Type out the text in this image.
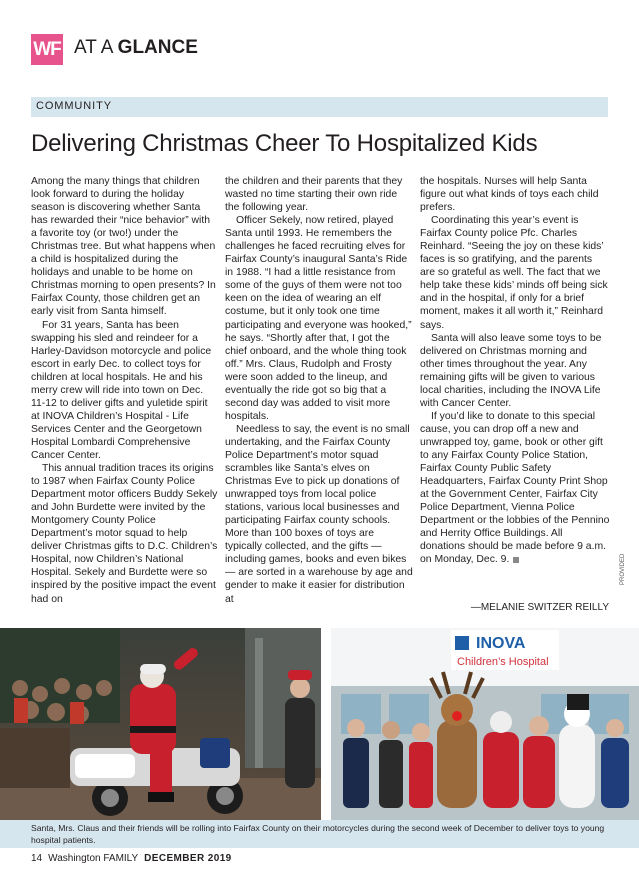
WF AT A GLANCE
COMMUNITY
Delivering Christmas Cheer To Hospitalized Kids

Among the many things that children look forward to during the holiday season is discovering whether Santa has rewarded their “nice behavior” with a favorite toy (or two!) under the Christmas tree. But what happens when a child is hospitalized during the holidays and unable to be home on Christmas morning to open presents? In Fairfax County, those children get an early visit from Santa himself.

For 31 years, Santa has been swapping his sled and reindeer for a Harley-Davidson motorcycle and police escort in early Dec. to collect toys for children at local hospitals. He and his merry crew will ride into town on Dec. 11-12 to deliver gifts and yuletide spirit at INOVA Children’s Hospital - Life Services Center and the Georgetown Hospital Lombardi Comprehensive Cancer Center.

This annual tradition traces its origins to 1987 when Fairfax County Police Department motor officers Buddy Sekely and John Burdette were invited by the Montgomery County Police Department’s motor squad to help deliver Christmas gifts to D.C. Children’s Hospital, now Children’s National Hospital. Sekely and Burdette were so inspired by the positive impact the event had on

the children and their parents that they wasted no time starting their own ride the following year.

Officer Sekely, now retired, played Santa until 1993. He remembers the challenges he faced recruiting elves for Fairfax County’s inaugural Santa’s Ride in 1988. “I had a little resistance from some of the guys of them were not too keen on the idea of wearing an elf costume, but it only took one time participating and everyone was hooked,” he says. “Shortly after that, I got the chief onboard, and the whole thing took off.” Mrs. Claus, Rudolph and Frosty were soon added to the lineup, and eventually the ride got so big that a second day was added to visit more hospitals.

Needless to say, the event is no small undertaking, and the Fairfax County Police Department’s motor squad scrambles like Santa’s elves on Christmas Eve to pick up donations of unwrapped toys from local police stations, various local businesses and participating Fairfax county schools. More than 100 boxes of toys are typically collected, and the gifts — including games, books and even bikes — are sorted in a warehouse by age and gender to make it easier for distribution at

the hospitals. Nurses will help Santa figure out what kinds of toys each child prefers.

Coordinating this year’s event is Fairfax County police Pfc. Charles Reinhard. “Seeing the joy on these kids’ faces is so gratifying, and the parents are so grateful as well. The fact that we help take these kids’ minds off being sick and in the hospital, if only for a brief moment, makes it all worth it,” Reinhard says.

Santa will also leave some toys to be delivered on Christmas morning and other times throughout the year. Any remaining gifts will be given to various local charities, including the INOVA Life with Cancer Center.

If you’d like to donate to this special cause, you can drop off a new and unwrapped toy, game, book or other gift to any Fairfax County Police Station, Fairfax County Public Safety Headquarters, Fairfax County Print Shop at the Government Center, Fairfax City Police Department, Vienna Police Department or the lobbies of the Pennino and Herrity Office Buildings. All donations should be made before 9 a.m. on Monday, Dec. 9.

—MELANIE SWITZER REILLY
PROVIDED
INOVA
Children’s Hospital
Santa, Mrs. Claus and their friends will be rolling into Fairfax County on their motorcycles during the second week of December to deliver toys to young hospital patients.
14 Washington FAMILY DECEMBER 2019
